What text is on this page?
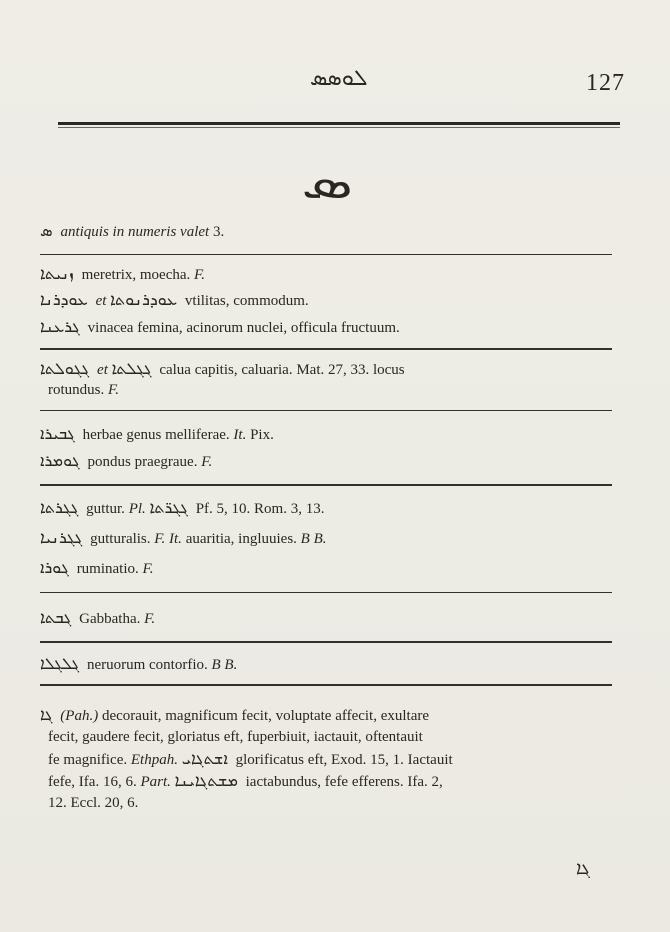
ܠܘܣܣ	127
ܣ
ܣ antiquis in numeris valet 3.
ܙܢܝܬܐ meretrix, moecha. F.
ܥܘܕܪܢܐ et ܥܘܕܪܢܘܬܐ vtilitas, commodum.
ܓܪܥܢܐ vinacea femina, acinorum nuclei, officula fructuum.
ܓܓܘܠܬܐ et ܓܓܠܬܐ calua capitis, caluaria. Mat. 27, 33. locus
rotundus. F.
ܓܒܝܪܐ herbae genus melliferae. It. Pix.
ܓܘܡܪܐ pondus praegraue. F.
ܓܓܪܬܐ guttur. Pl. ܓܓܪ̈ܬܐ Pf. 5, 10. Rom. 3, 13.
ܓܓܪܢܝܐ gutturalis. F. It. auaritia, ingluuies. B B.
ܓܘܪܐ ruminatio. F.
ܓܒܬܐ Gabbatha. F.
ܓܠܓܠܐ neruorum contorfio. B B.
ܓܐ (Pah.) decorauit, magnificum fecit, voluptate affecit, exultare
fecit, gaudere fecit, gloriatus eft, fuperbiuit, iactauit, oftentauit
fe magnifice. Ethpah. ܐܫܬܓܐܝ glorificatus eft, Exod. 15, 1. Iactauit
fefe, Ifa. 16, 6. Part. ܡܫܬܓܐܝܢܐ iactabundus, fefe efferens. Ifa. 2,
12. Eccl. 20, 6.
ܓܐ
